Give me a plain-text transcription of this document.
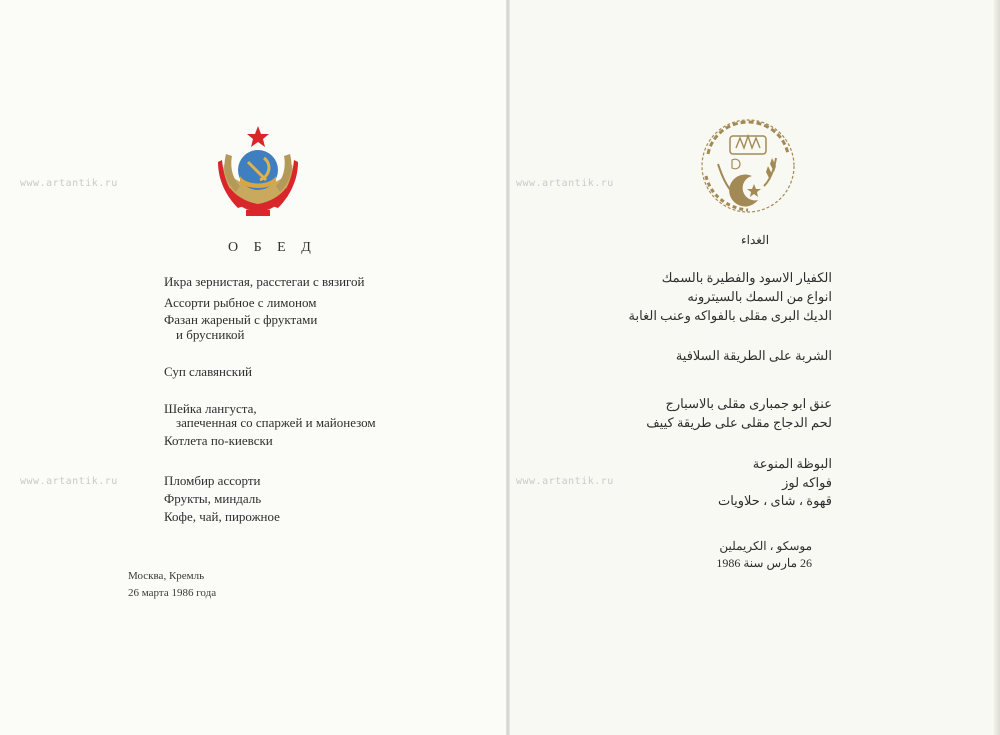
www.artantik.ru	www.artantik.ru
www.artantik.ru	www.artantik.ru
О Б Е Д
Икра зернистая, расстегаи с вязигой
Ассорти рыбное с лимоном
Фазан жареный с фруктами
и брусникой
Суп славянский
Шейка лангуста,
запеченная со спаржей и майонезом
Котлета по-киевски
Пломбир ассорти
Фрукты, миндаль
Кофе, чай, пирожное
Москва, Кремль
26 марта 1986 года
الغداء
الكفيار الاسود والفطيرة بالسمك
انواع من السمك بالسيترونه
الديك البرى مقلى بالفواكه وعنب الغابة
الشربة على الطريقة السلافية
عنق ابو جمبارى مقلى بالاسبارج
لحم الدجاج مقلى على طريقة كييف
البوظة المنوعة
فواكه لوز
قهوة ، شاى ، حلاويات
موسكو ، الكريملين
26 مارس سنة 1986
